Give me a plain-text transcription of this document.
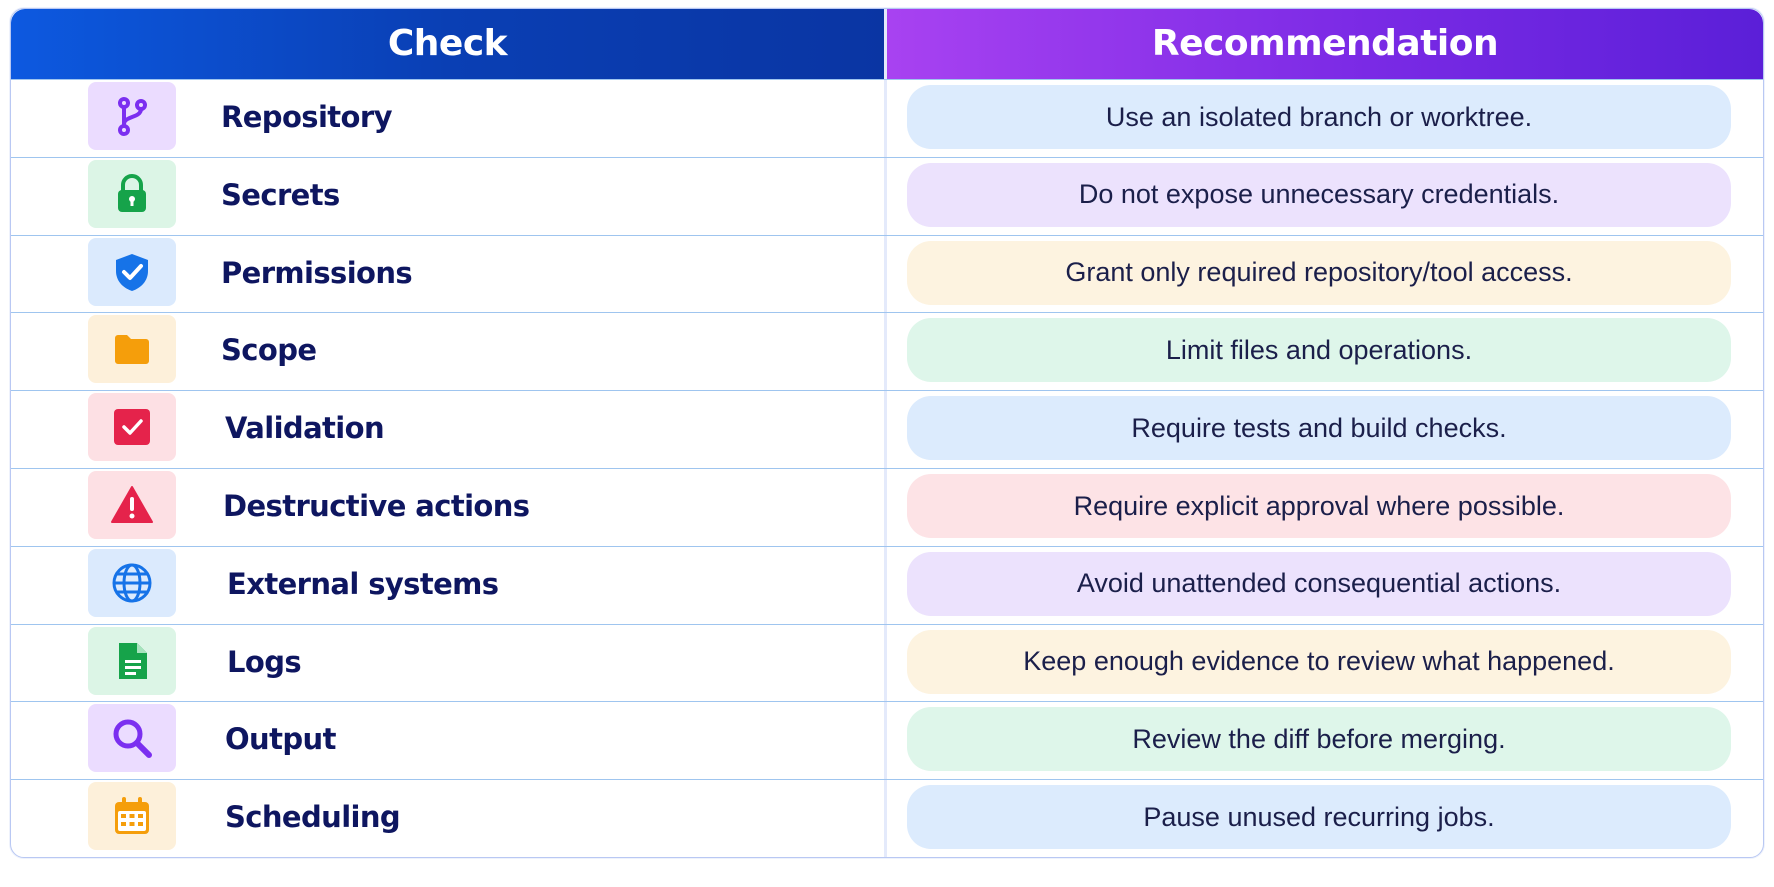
Check	Recommendation
Repository	Use an isolated branch or worktree.
Secrets	Do not expose unnecessary credentials.
Permissions	Grant only required repository/tool access.
Scope	Limit files and operations.
Validation	Require tests and build checks.
Destructive actions	Require explicit approval where possible.
External systems	Avoid unattended consequential actions.
Logs	Keep enough evidence to review what happened.
Output	Review the diff before merging.
Scheduling	Pause unused recurring jobs.
